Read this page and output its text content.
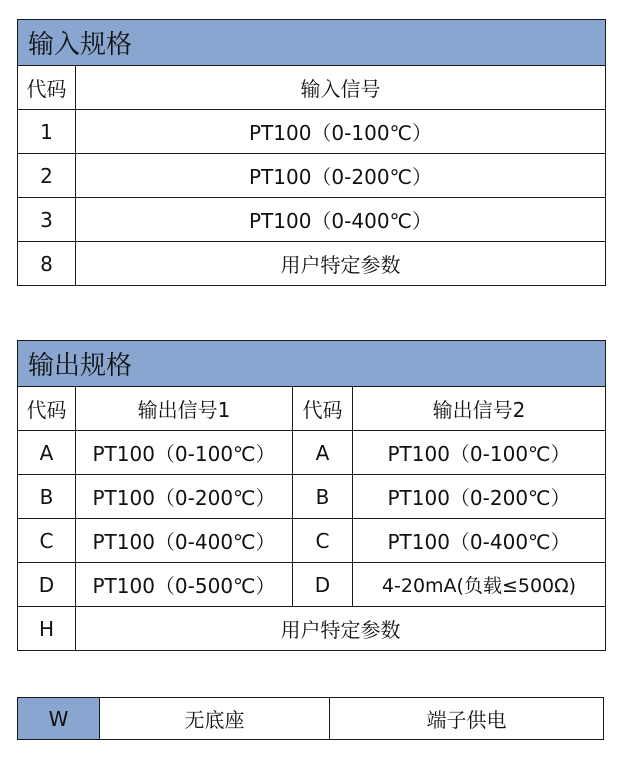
输入规格	
代码	输入信号
1	PT100（0-100℃）
2	PT100（0-200℃）
3	PT100（0-400℃）
8	用户特定参数
输出规格			
代码	输出信号1	代码	输出信号2
A	PT100（0-100℃）	A	PT100（0-100℃）
B	PT100（0-200℃）	B	PT100（0-200℃）
C	PT100（0-400℃）	C	PT100（0-400℃）
D	PT100（0-500℃）	D	4-20mA(负载≤500Ω)
H	用户特定参数		
W	无底座	端子供电
